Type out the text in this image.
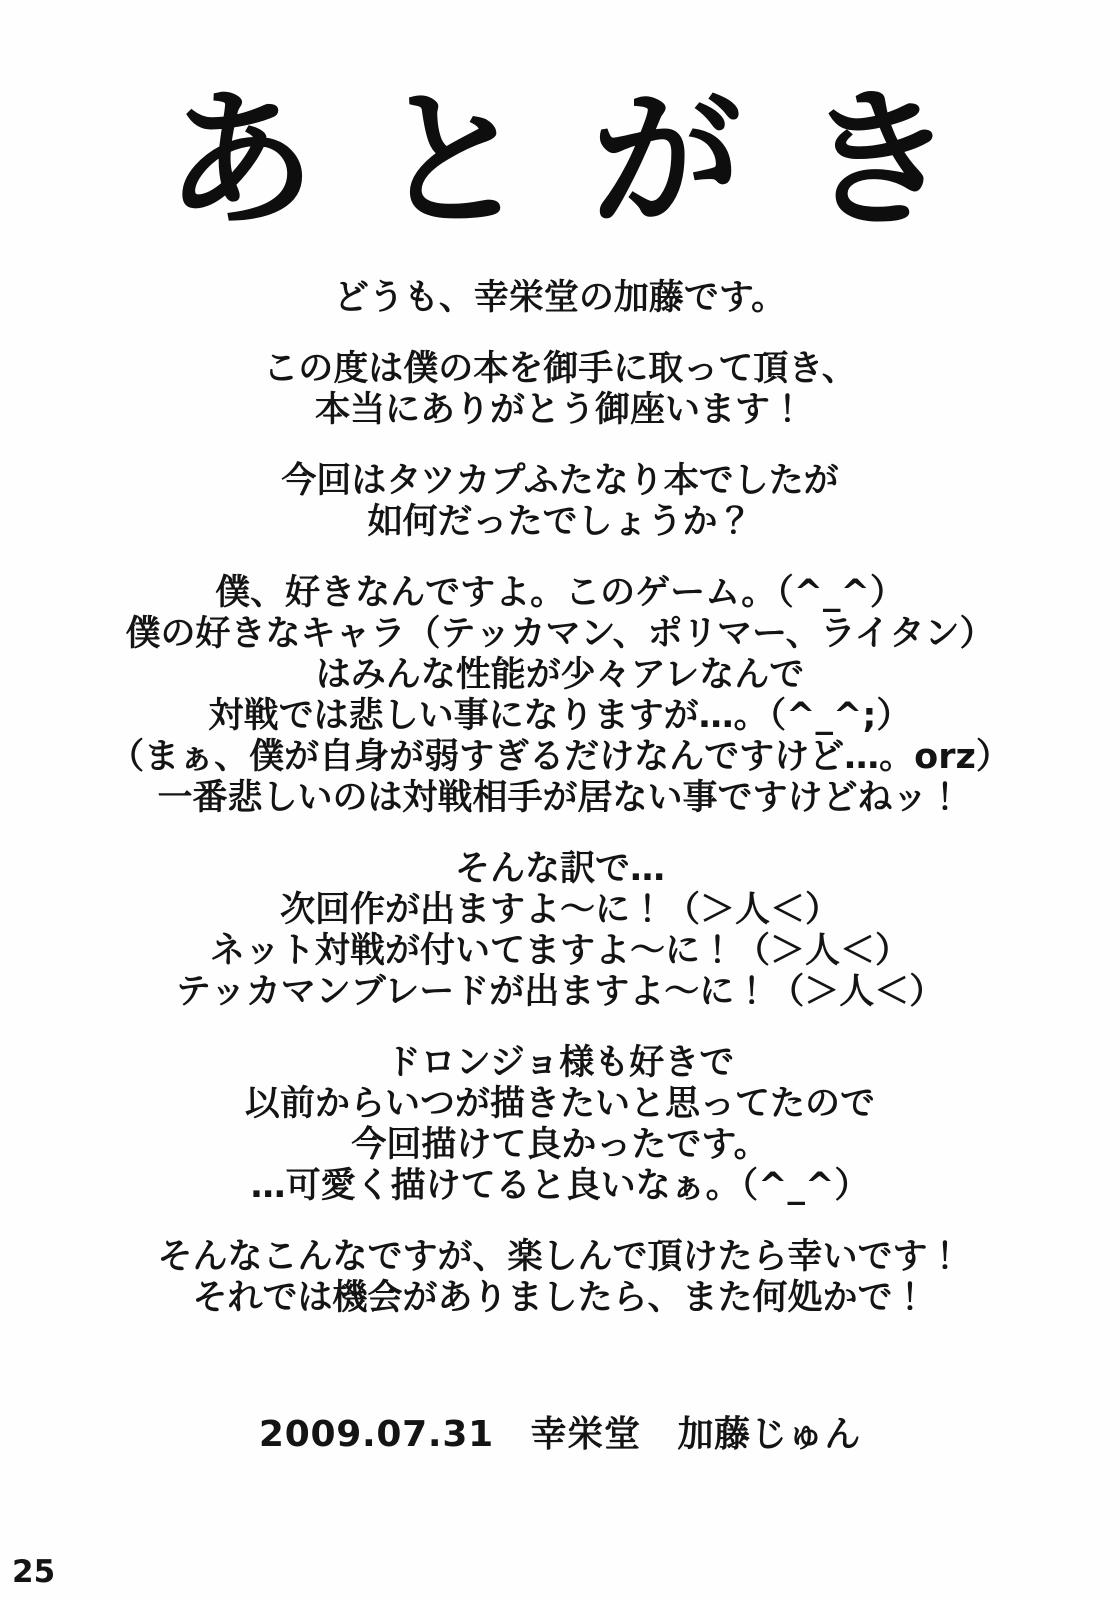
あとがき
どうも、幸栄堂の加藤です。
この度は僕の本を御手に取って頂き、
本当にありがとう御座います！
今回はタツカプふたなり本でしたが
如何だったでしょうか？
僕、好きなんですよ。このゲーム。（^_^）
僕の好きなキャラ（テッカマン、ポリマー、ライタン）
はみんな性能が少々アレなんで
対戦では悲しい事になりますが…。（^_^;）
（まぁ、僕が自身が弱すぎるだけなんですけど…。orz）
一番悲しいのは対戦相手が居ない事ですけどねッ！
そんな訳で…
次回作が出ますよ～に！（＞人＜）
ネット対戦が付いてますよ～に！（＞人＜）
テッカマンブレードが出ますよ～に！（＞人＜）
ドロンジョ様も好きで
以前からいつが描きたいと思ってたので
今回描けて良かったです。
…可愛く描けてると良いなぁ。（^_^）
そんなこんなですが、楽しんで頂けたら幸いです！
それでは機会がありましたら、また何処かで！
2009.07.31　幸栄堂　加藤じゅん
25
